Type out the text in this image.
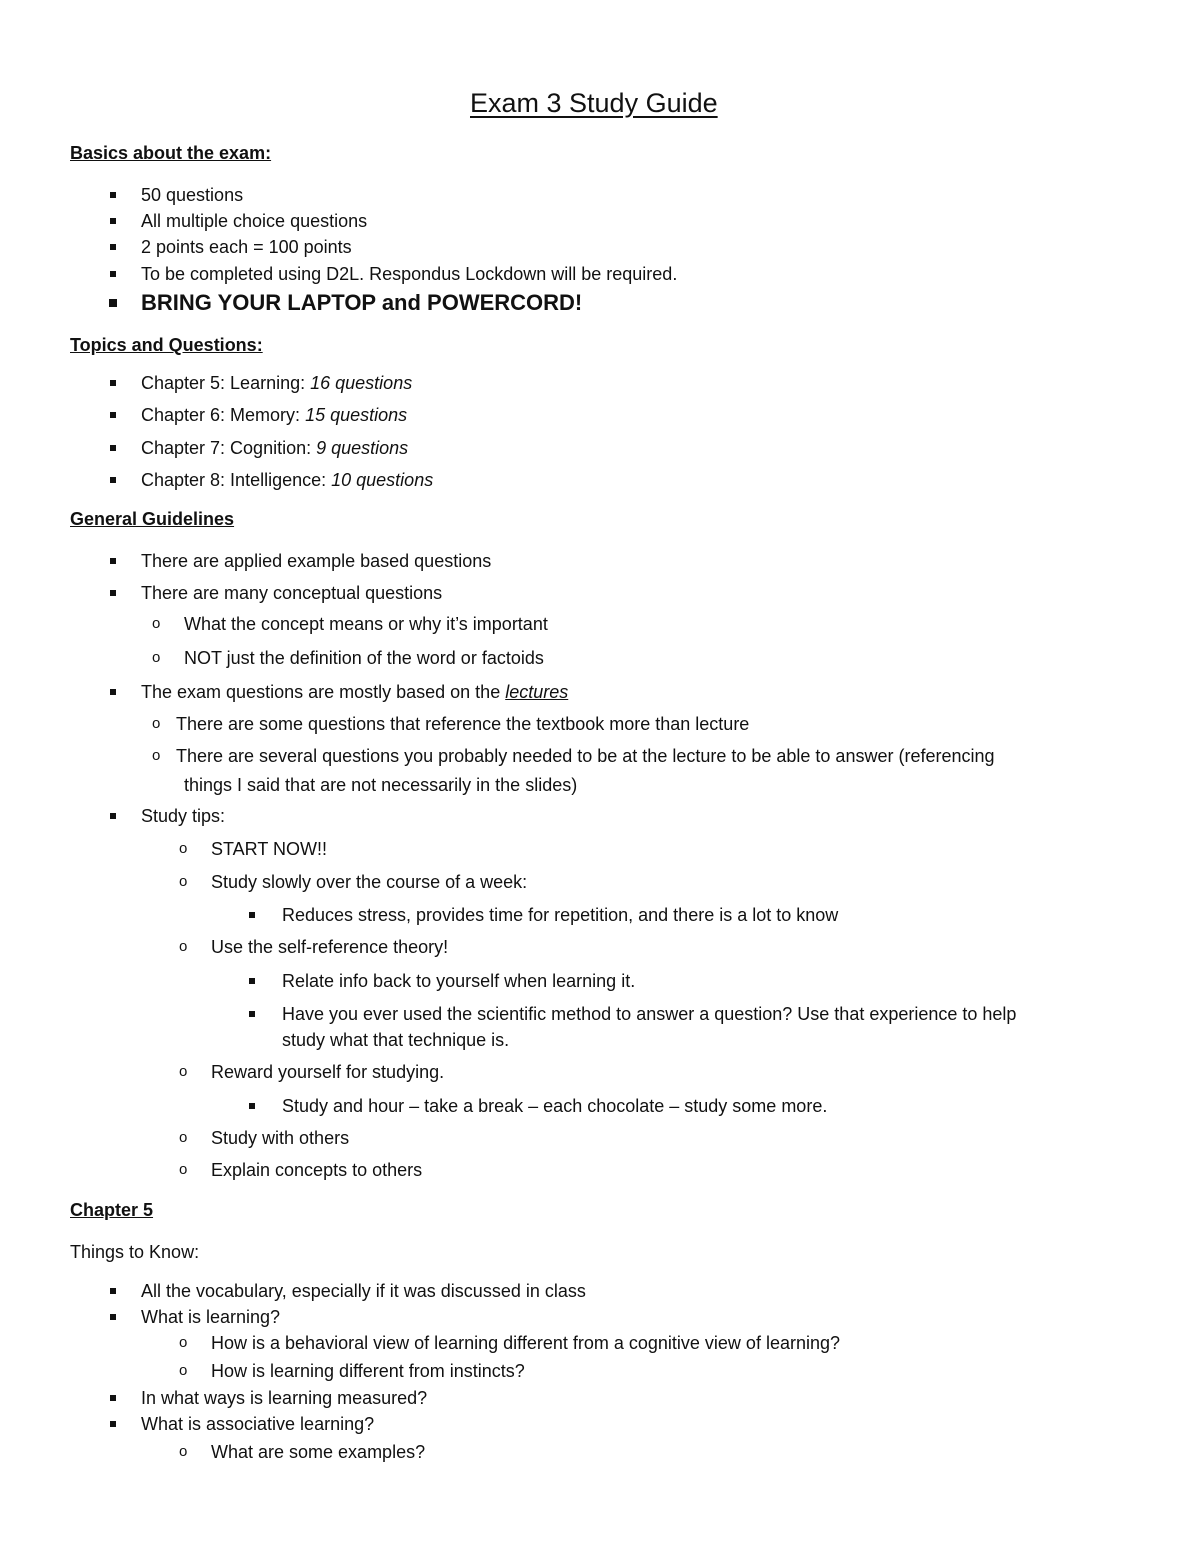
Exam 3 Study Guide
Basics about the exam:
50 questions
All multiple choice questions
2 points each = 100 points
To be completed using D2L. Respondus Lockdown will be required.
BRING YOUR LAPTOP and POWERCORD!
Topics and Questions:
Chapter 5: Learning: 16 questions
Chapter 6: Memory: 15 questions
Chapter 7: Cognition: 9 questions
Chapter 8: Intelligence: 10 questions
General Guidelines
There are applied example based questions
There are many conceptual questions
o What the concept means or why it’s important
o NOT just the definition of the word or factoids
The exam questions are mostly based on the lectures
o There are some questions that reference the textbook more than lecture
o There are several questions you probably needed to be at the lecture to be able to answer (referencing
things I said that are not necessarily in the slides)
Study tips:
o START NOW!!
o Study slowly over the course of a week:
Reduces stress, provides time for repetition, and there is a lot to know
o Use the self-reference theory!
Relate info back to yourself when learning it.
Have you ever used the scientific method to answer a question? Use that experience to help
study what that technique is.
o Reward yourself for studying.
Study and hour – take a break – each chocolate – study some more.
o Study with others
o Explain concepts to others
Chapter 5
Things to Know:
All the vocabulary, especially if it was discussed in class
What is learning?
o How is a behavioral view of learning different from a cognitive view of learning?
o How is learning different from instincts?
In what ways is learning measured?
What is associative learning?
o What are some examples?
